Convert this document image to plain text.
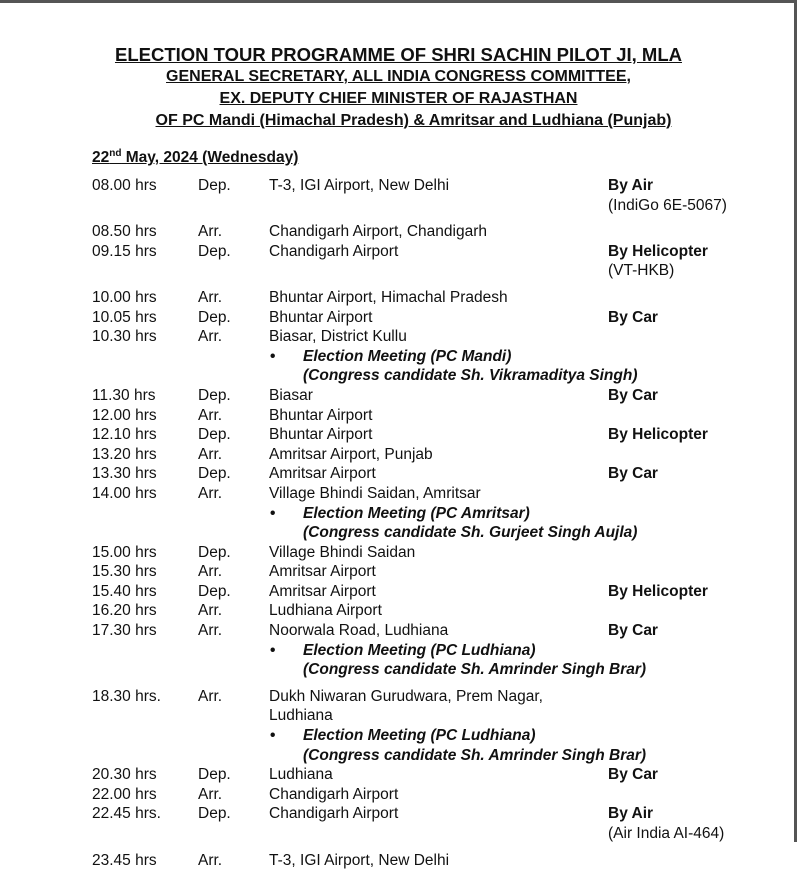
ELECTION TOUR PROGRAMME OF SHRI SACHIN PILOT JI, MLA
GENERAL SECRETARY, ALL INDIA CONGRESS COMMITTEE,
EX. DEPUTY CHIEF MINISTER OF RAJASTHAN
OF PC Mandi (Himachal Pradesh) & Amritsar and Ludhiana (Punjab)
22nd May, 2024 (Wednesday)
08.00 hrs	Dep. T-3, IGI Airport, New Delhi	By Air
(IndiGo 6E-5067)
08.50 hrs	Arr.	Chandigarh Airport, Chandigarh
09.15 hrs	Dep. Chandigarh Airport	By Helicopter
(VT-HKB)
10.00 hrs	Arr.	Bhuntar Airport, Himachal Pradesh
10.05 hrs	Dep. Bhuntar Airport	By Car
10.30 hrs	Arr.	Biasar, District Kullu
• Election Meeting (PC Mandi)
(Congress candidate Sh. Vikramaditya Singh)
11.30 hrs	Dep. Biasar	By Car
12.00 hrs	Arr.	Bhuntar Airport
12.10 hrs	Dep. Bhuntar Airport	By Helicopter
13.20 hrs	Arr.	Amritsar Airport, Punjab
13.30 hrs	Dep. Amritsar Airport	By Car
14.00 hrs	Arr.	Village Bhindi Saidan, Amritsar
• Election Meeting (PC Amritsar)
(Congress candidate Sh. Gurjeet Singh Aujla)
15.00 hrs	Dep. Village Bhindi Saidan
15.30 hrs	Arr.	Amritsar Airport
15.40 hrs	Dep. Amritsar Airport	By Helicopter
16.20 hrs	Arr.	Ludhiana Airport
17.30 hrs	Arr.	Noorwala Road, Ludhiana	By Car
• Election Meeting (PC Ludhiana)
(Congress candidate Sh. Amrinder Singh Brar)
18.30 hrs. Arr.	Dukh Niwaran Gurudwara, Prem Nagar,
Ludhiana
• Election Meeting (PC Ludhiana)
(Congress candidate Sh. Amrinder Singh Brar)
20.30 hrs	Dep. Ludhiana	By Car
22.00 hrs	Arr.	Chandigarh Airport
22.45 hrs. Dep. Chandigarh Airport	By Air
(Air India AI-464)
23.45 hrs	Arr.	T-3, IGI Airport, New Delhi
